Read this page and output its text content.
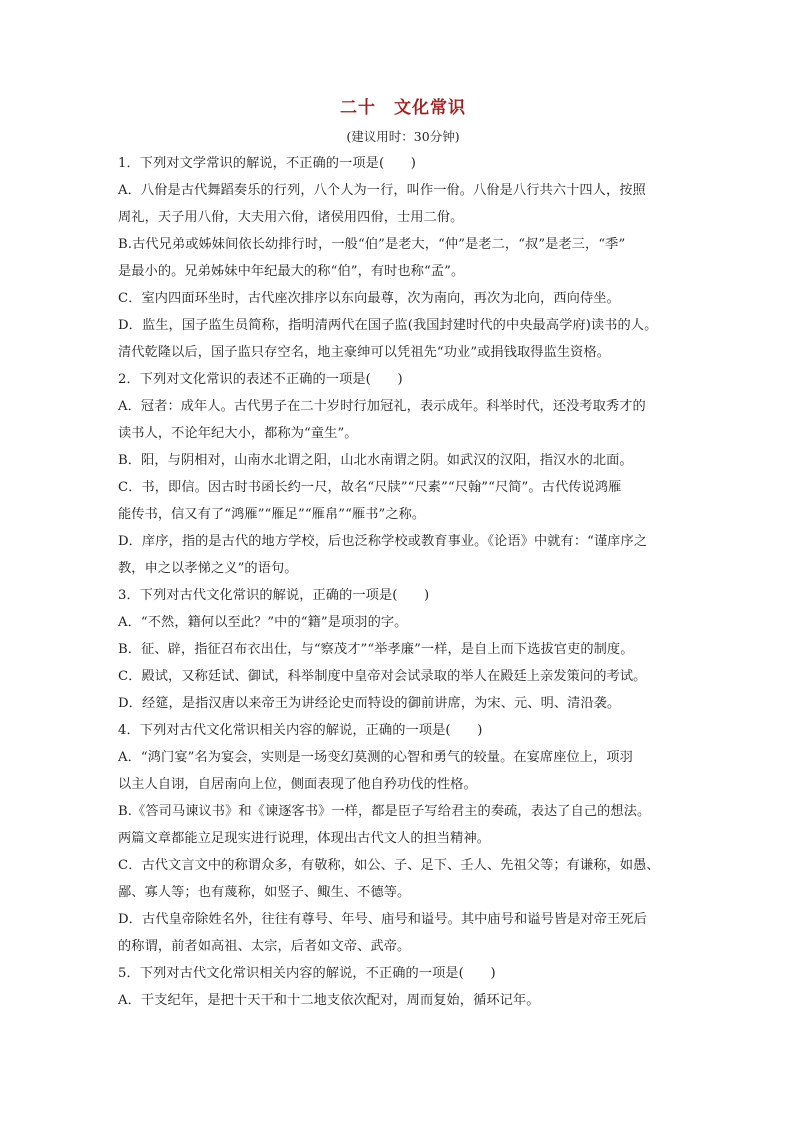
二十　文化常识
(建议用时：30分钟)
1．下列对文学常识的解说，不正确的一项是(　　)
A．八佾是古代舞蹈奏乐的行列，八个人为一行，叫作一佾。八佾是八行共六十四人，按照
周礼，天子用八佾，大夫用六佾，诸侯用四佾，士用二佾。
B.古代兄弟或姊妹间依长幼排行时，一般“伯”是老大，“仲”是老二，“叔”是老三，“季”
是最小的。兄弟姊妹中年纪最大的称“伯”，有时也称“孟”。
C．室内四面环坐时，古代座次排序以东向最尊，次为南向，再次为北向，西向侍坐。
D．监生，国子监生员简称，指明清两代在国子监(我国封建时代的中央最高学府)读书的人。
清代乾隆以后，国子监只存空名，地主豪绅可以凭祖先“功业”或捐钱取得监生资格。
2．下列对文化常识的表述不正确的一项是(　　)
A．冠者：成年人。古代男子在二十岁时行加冠礼，表示成年。科举时代，还没考取秀才的
读书人，不论年纪大小，都称为“童生”。
B．阳，与阴相对，山南水北谓之阳，山北水南谓之阴。如武汉的汉阳，指汉水的北面。
C．书，即信。因古时书函长约一尺，故名“尺牍”“尺素”“尺翰”“尺简”。古代传说鸿雁
能传书，信又有了“鸿雁”“雁足”“雁帛”“雁书”之称。
D．庠序，指的是古代的地方学校，后也泛称学校或教育事业。《论语》中就有：“谨庠序之
教，申之以孝悌之义”的语句。
3．下列对古代文化常识的解说，正确的一项是(　　)
A．“不然，籍何以至此？”中的“籍”是项羽的字。
B．征、辟，指征召布衣出仕，与“察茂才”“举孝廉”一样，是自上而下选拔官吏的制度。
C．殿试，又称廷试、御试，科举制度中皇帝对会试录取的举人在殿廷上亲发策问的考试。
D．经筵，是指汉唐以来帝王为讲经论史而特设的御前讲席，为宋、元、明、清沿袭。
4．下列对古代文化常识相关内容的解说，正确的一项是(　　)
A．“鸿门宴”名为宴会，实则是一场变幻莫测的心智和勇气的较量。在宴席座位上，项羽
以主人自诩，自居南向上位，侧面表现了他自矜功伐的性格。
B.《答司马谏议书》和《谏逐客书》一样，都是臣子写给君主的奏疏，表达了自己的想法。
两篇文章都能立足现实进行说理，体现出古代文人的担当精神。
C．古代文言文中的称谓众多，有敬称，如公、子、足下、壬人、先祖父等；有谦称，如愚、
鄙、寡人等；也有蔑称，如竖子、鲰生、不德等。
D．古代皇帝除姓名外，往往有尊号、年号、庙号和谥号。其中庙号和谥号皆是对帝王死后
的称谓，前者如高祖、太宗，后者如文帝、武帝。
5．下列对古代文化常识相关内容的解说，不正确的一项是(　　)
A．干支纪年，是把十天干和十二地支依次配对，周而复始，循环记年。
